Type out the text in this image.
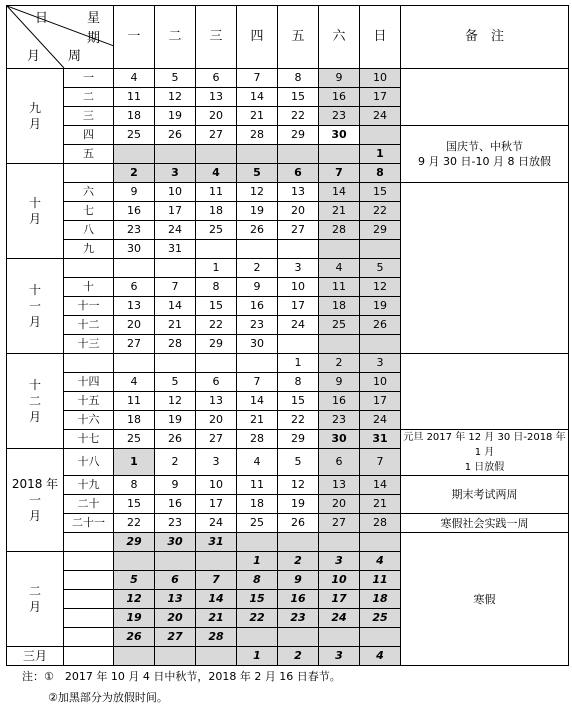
日 星
期
月 周		一	二	三	四	五	六	日	备　注
九
月	一	4	5	6	7	8	9	10	
	二	11	12	13	14	15	16	17	
	三	18	19	20	21	22	23	24	
	四	25	26	27	28	29	30		国庆节、中秋节
9 月 30 日-10 月 8 日放假
	五							1	
十
月		2	3	4	5	6	7	8	
	六	9	10	11	12	13	14	15	
	七	16	17	18	19	20	21	22	
	八	23	24	25	26	27	28	29	
	九	30	31						
十
一
月				1	2	3	4	5	
	十	6	7	8	9	10	11	12	
	十一	13	14	15	16	17	18	19	
	十二	20	21	22	23	24	25	26	
	十三	27	28	29	30				
十
二
月						1	2	3	
	十四	4	5	6	7	8	9	10	
	十五	11	12	13	14	15	16	17	
	十六	18	19	20	21	22	23	24	
	十七	25	26	27	28	29	30	31	元旦 2017 年 12 月 30 日-2018 年 1 月
1 日放假
2018 年
一
月	十八	1	2	3	4	5	6	7	
	十九	8	9	10	11	12	13	14	期末考试两周
	二十	15	16	17	18	19	20	21	
	二十一	22	23	24	25	26	27	28	寒假社会实践一周
		29	30	31					寒假
二
月					1	2	3	4	
		5	6	7	8	9	10	11	
		12	13	14	15	16	17	18	
		19	20	21	22	23	24	25	
		26	27	28					
三月					1	2	3	4	
注：①　2017 年 10 月 4 日中秋节，2018 年 2 月 16 日春节。
②加黑部分为放假时间。
